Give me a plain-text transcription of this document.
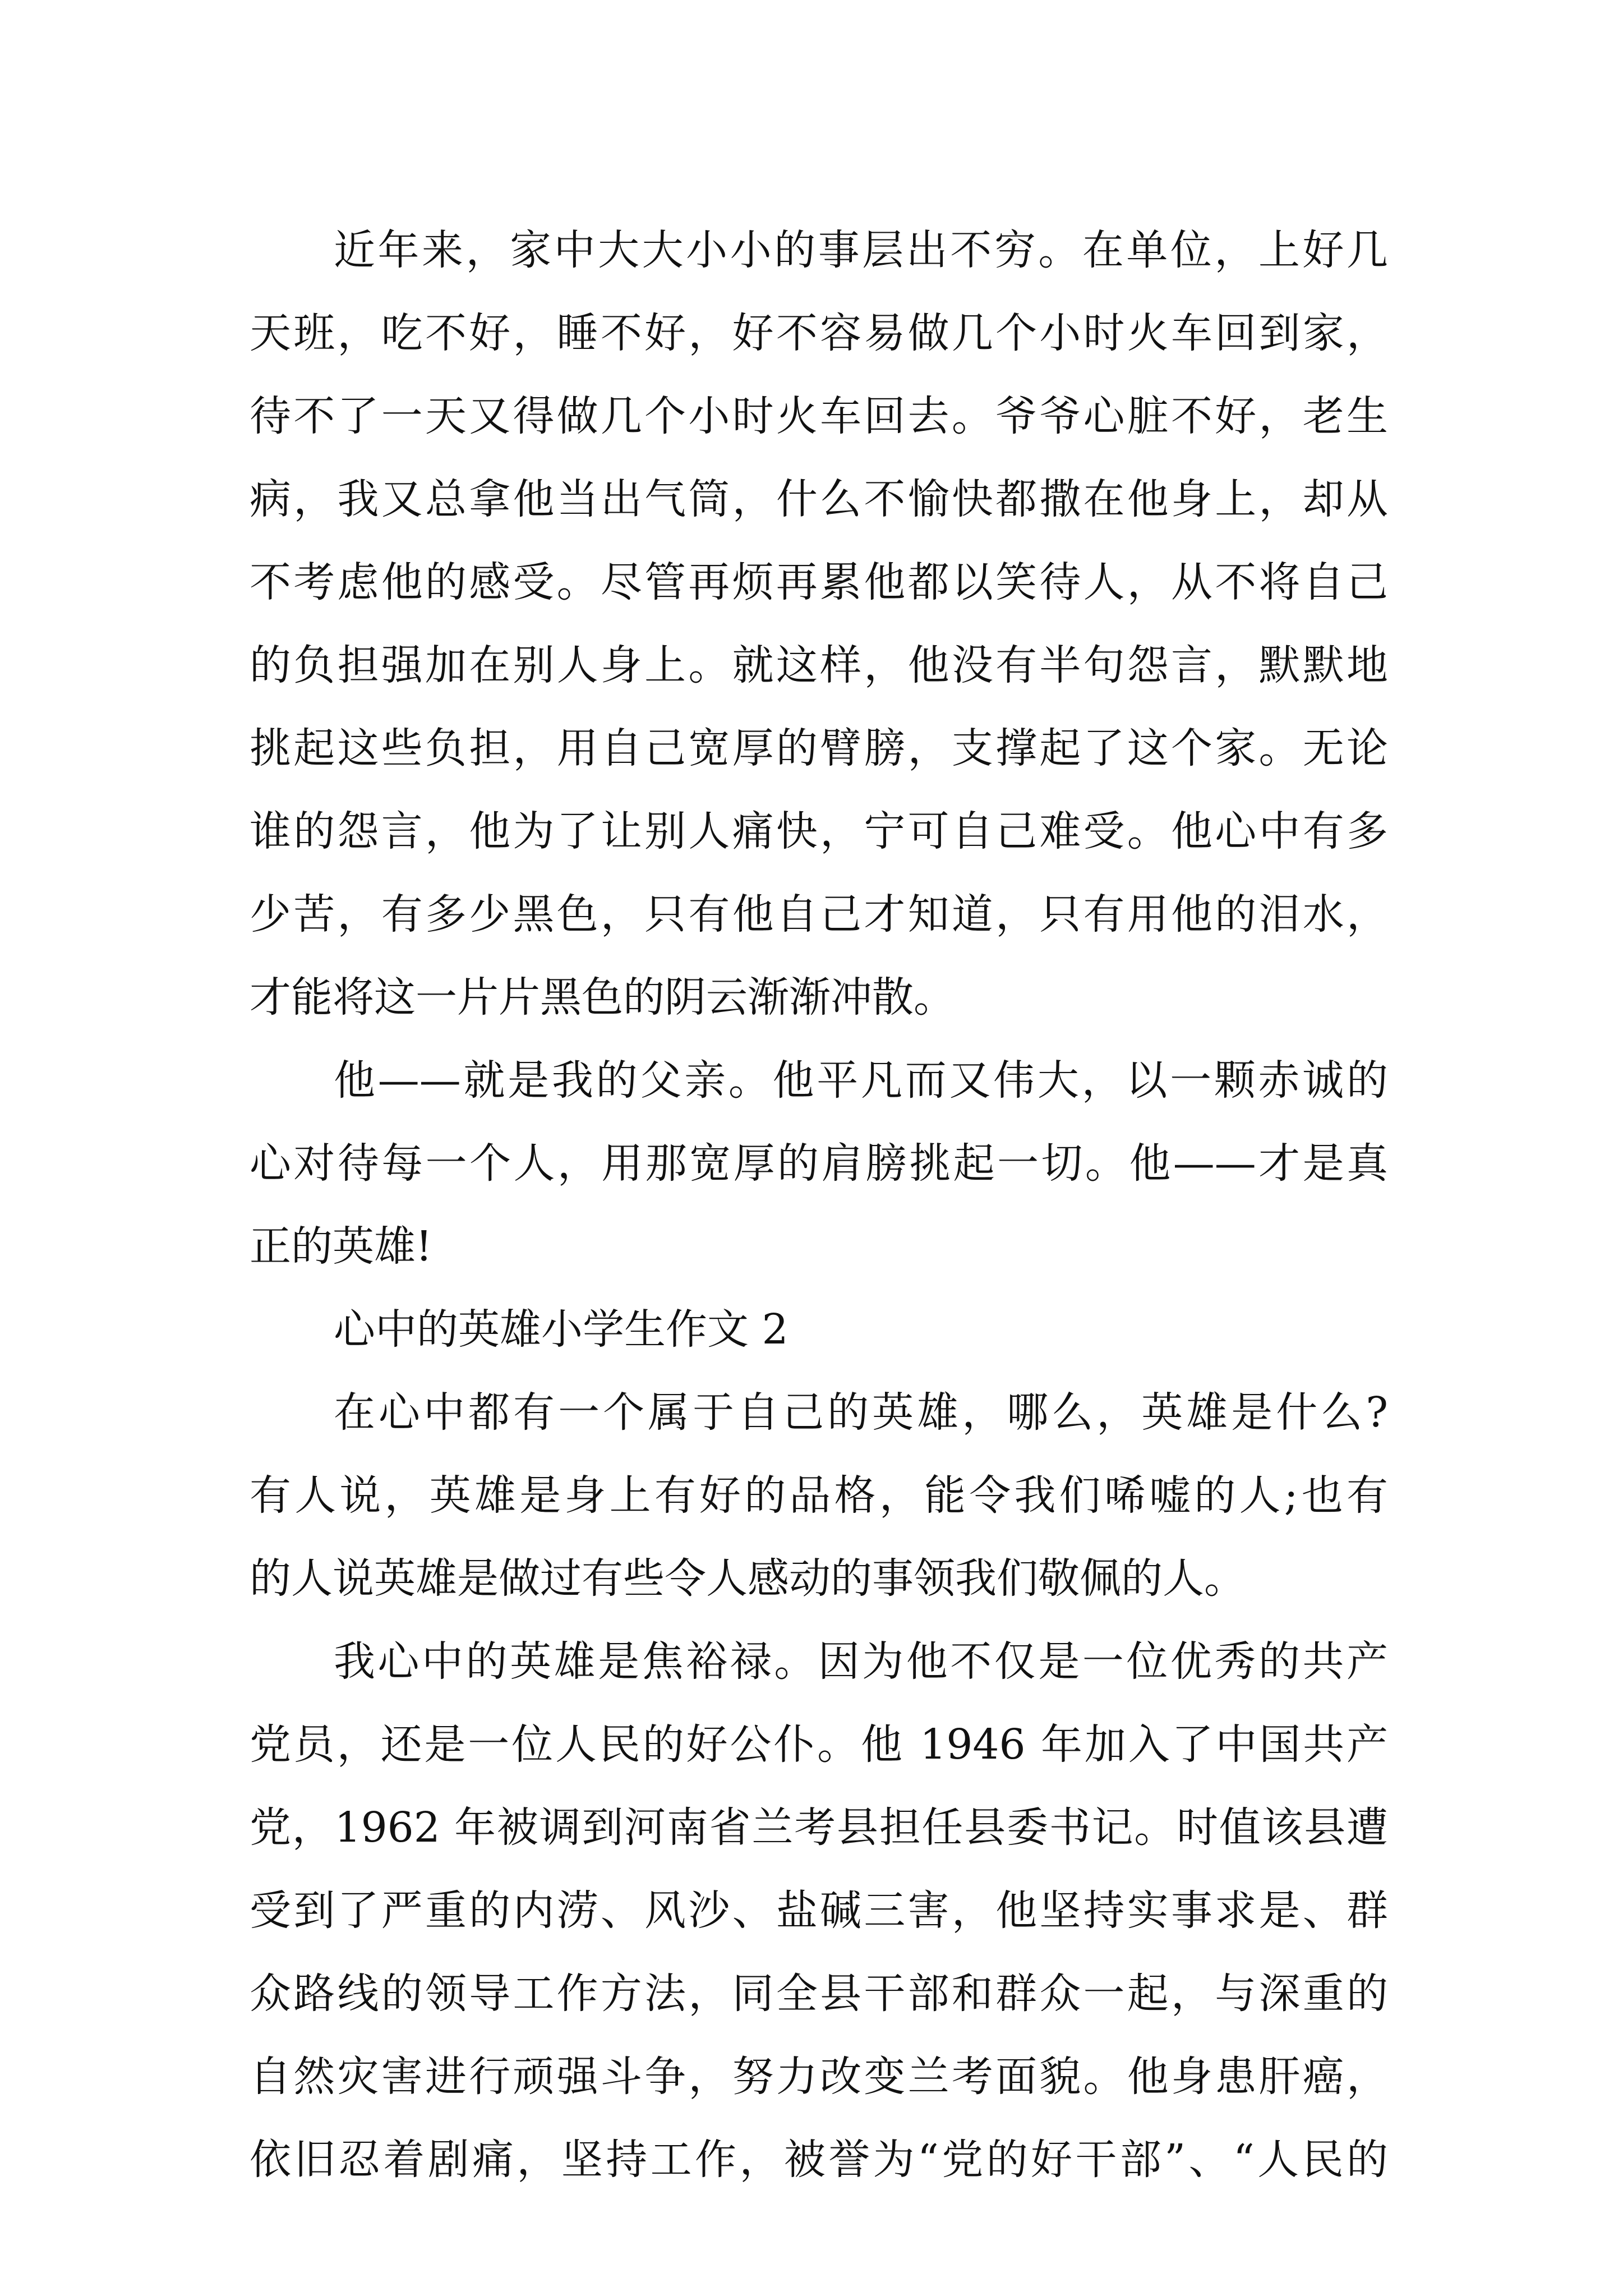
近年来，家中大大小小的事层出不穷。在单位，上好几
天班，吃不好，睡不好，好不容易做几个小时火车回到家，
待不了一天又得做几个小时火车回去。爷爷心脏不好，老生
病，我又总拿他当出气筒，什么不愉快都撒在他身上，却从
不考虑他的感受。尽管再烦再累他都以笑待人，从不将自己
的负担强加在别人身上。就这样，他没有半句怨言，默默地
挑起这些负担，用自己宽厚的臂膀，支撑起了这个家。无论
谁的怨言，他为了让别人痛快，宁可自己难受。他心中有多
少苦，有多少黑色，只有他自己才知道，只有用他的泪水，
才能将这一片片黑色的阴云渐渐冲散。
他——就是我的父亲。他平凡而又伟大，以一颗赤诚的
心对待每一个人，用那宽厚的肩膀挑起一切。他——才是真
正的英雄!
心中的英雄小学生作文 2
在心中都有一个属于自己的英雄，哪么，英雄是什么?
有人说，英雄是身上有好的品格，能令我们唏嘘的人;也有
的人说英雄是做过有些令人感动的事领我们敬佩的人。
我心中的英雄是焦裕禄。因为他不仅是一位优秀的共产
党员，还是一位人民的好公仆。他 1946 年加入了中国共产
党，1962 年被调到河南省兰考县担任县委书记。时值该县遭
受到了严重的内涝、风沙、盐碱三害，他坚持实事求是、群
众路线的领导工作方法，同全县干部和群众一起，与深重的
自然灾害进行顽强斗争，努力改变兰考面貌。他身患肝癌，
依旧忍着剧痛，坚持工作，被誉为“党的好干部”、“人民的
